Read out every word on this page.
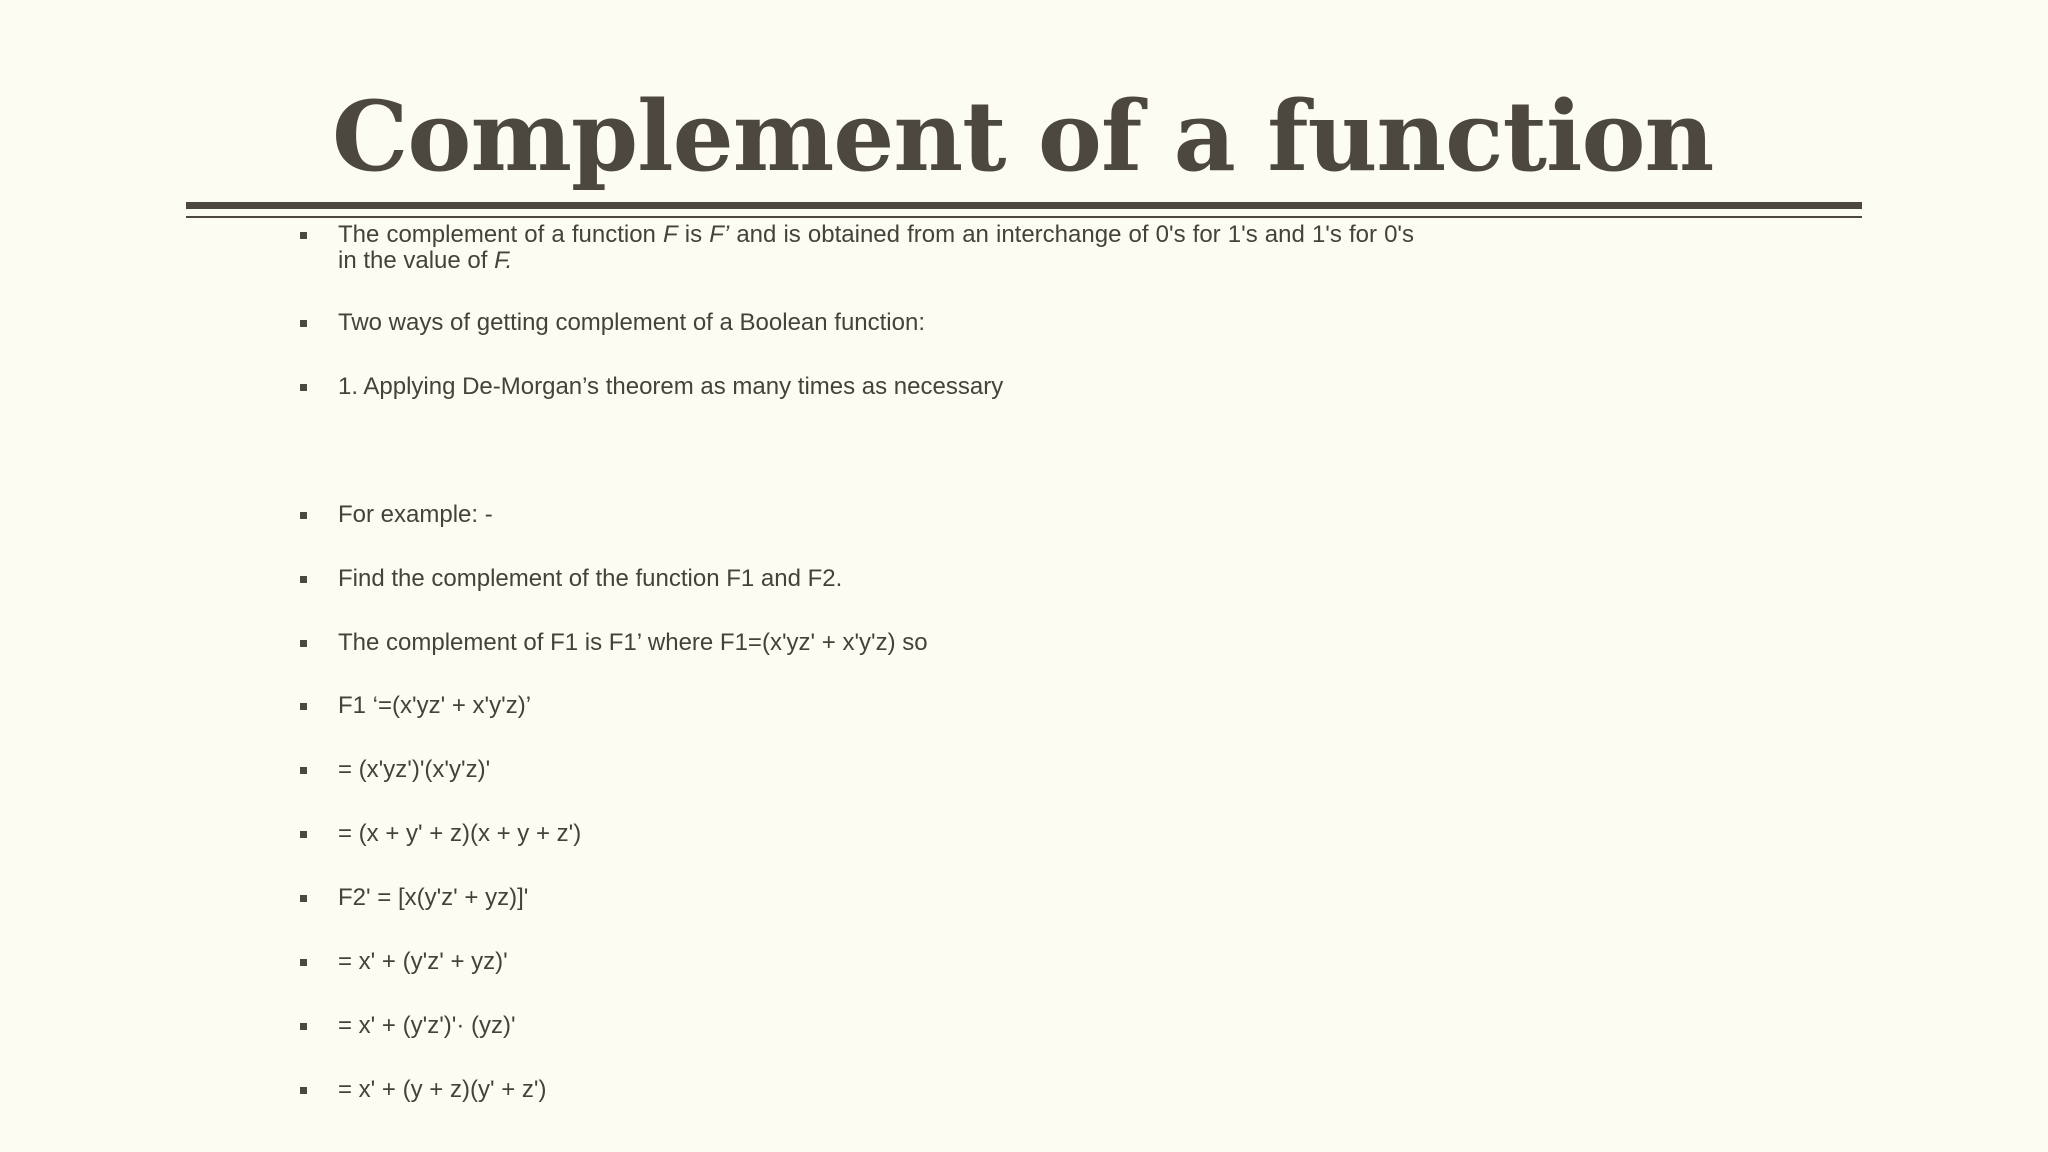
Complement of a function
The complement of a function F is F’ and is obtained from an interchange of 0's for 1's and 1's for 0's in the value of F.
Two ways of getting complement of a Boolean function:
1. Applying De-Morgan’s theorem as many times as necessary
For example: -
Find the complement of the function F1 and F2.
The complement of F1 is F1’ where F1=(x'yz' + x'y'z) so
F1 ‘=(x'yz' + x'y'z)’
= (x'yz')'(x'y'z)'
= (x + y' + z)(x + y + z')
F2' = [x(y'z' + yz)]'
= x' + (y'z' + yz)'
= x' + (y'z')'· (yz)'
= x' + (y + z)(y' + z')
